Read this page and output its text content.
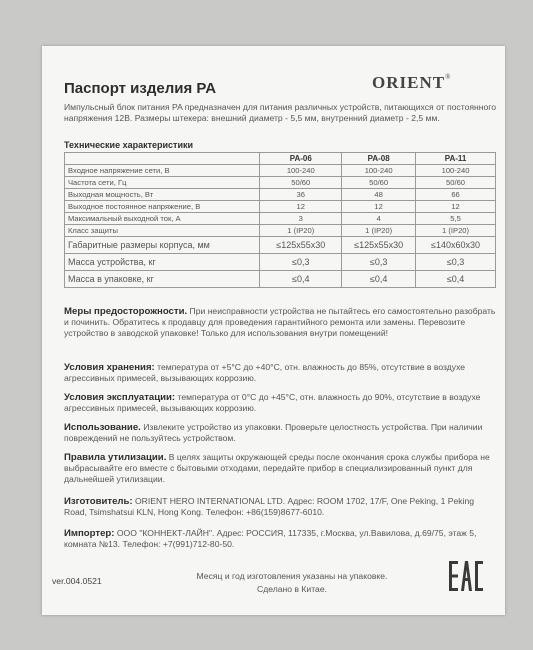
Паспорт изделия PA	ORIENT®
Импульсный блок питания PA предназначен для питания различных устройств, питающихся от постоянного напряжения 12В. Размеры штекера: внешний диаметр - 5,5 мм, внутренний диаметр - 2,5 мм.
Технические характеристики
	PA-06	PA-08	PA-11
Входное напряжение сети, В	100-240	100-240	100-240
Частота сети, Гц	50/60	50/60	50/60
Выходная мощность, Вт	36	48	66
Выходное постоянное напряжение, В	12	12	12
Максимальный выходной ток, А	3	4	5,5
Класс защиты	1 (IP20)	1 (IP20)	1 (IP20)
Габаритные размеры корпуса, мм	≤125x55x30	≤125x55x30	≤140x60x30
Масса устройства, кг	≤0,3	≤0,3	≤0,3
Масса в упаковке, кг	≤0,4	≤0,4	≤0,4
Меры предосторожности. При неисправности устройства не пытайтесь его самостоятельно разобрать и починить. Обратитесь к продавцу для проведения гарантийного ремонта или замены. Перевозите устройство в заводской упаковке! Только для использования внутри помещений!
Условия хранения: температура от +5°С до +40°С, отн. влажность до 85%, отсутствие в воздухе агрессивных примесей, вызывающих коррозию.
Условия эксплуатации: температура от 0°С до +45°С, отн. влажность до 90%, отсутствие в воздухе агрессивных примесей, вызывающих коррозию.
Использование. Извлеките устройство из упаковки. Проверьте целостность устройства. При наличии повреждений не пользуйтесь устройством.
Правила утилизации. В целях защиты окружающей среды после окончания срока службы прибора не выбрасывайте его вместе с бытовыми отходами, передайте прибор в специализированный пункт для дальнейшей утилизации.
Изготовитель: ORIENT HERO INTERNATIONAL LTD. Адрес: ROOM 1702, 17/F, One Peking, 1 Peking Road, Tsimshatsui KLN, Hong Kong. Телефон: +86(159)8677-6010.
Импортер: ООО "КОННЕКТ-ЛАЙН". Адрес: РОССИЯ, 117335, г.Москва, ул.Вавилова, д.69/75, этаж 5, комната №13. Телефон: +7(991)712-80-50.
ver.004.0521	Месяц и год изготовления указаны на упаковке.
Сделано в Китае.
